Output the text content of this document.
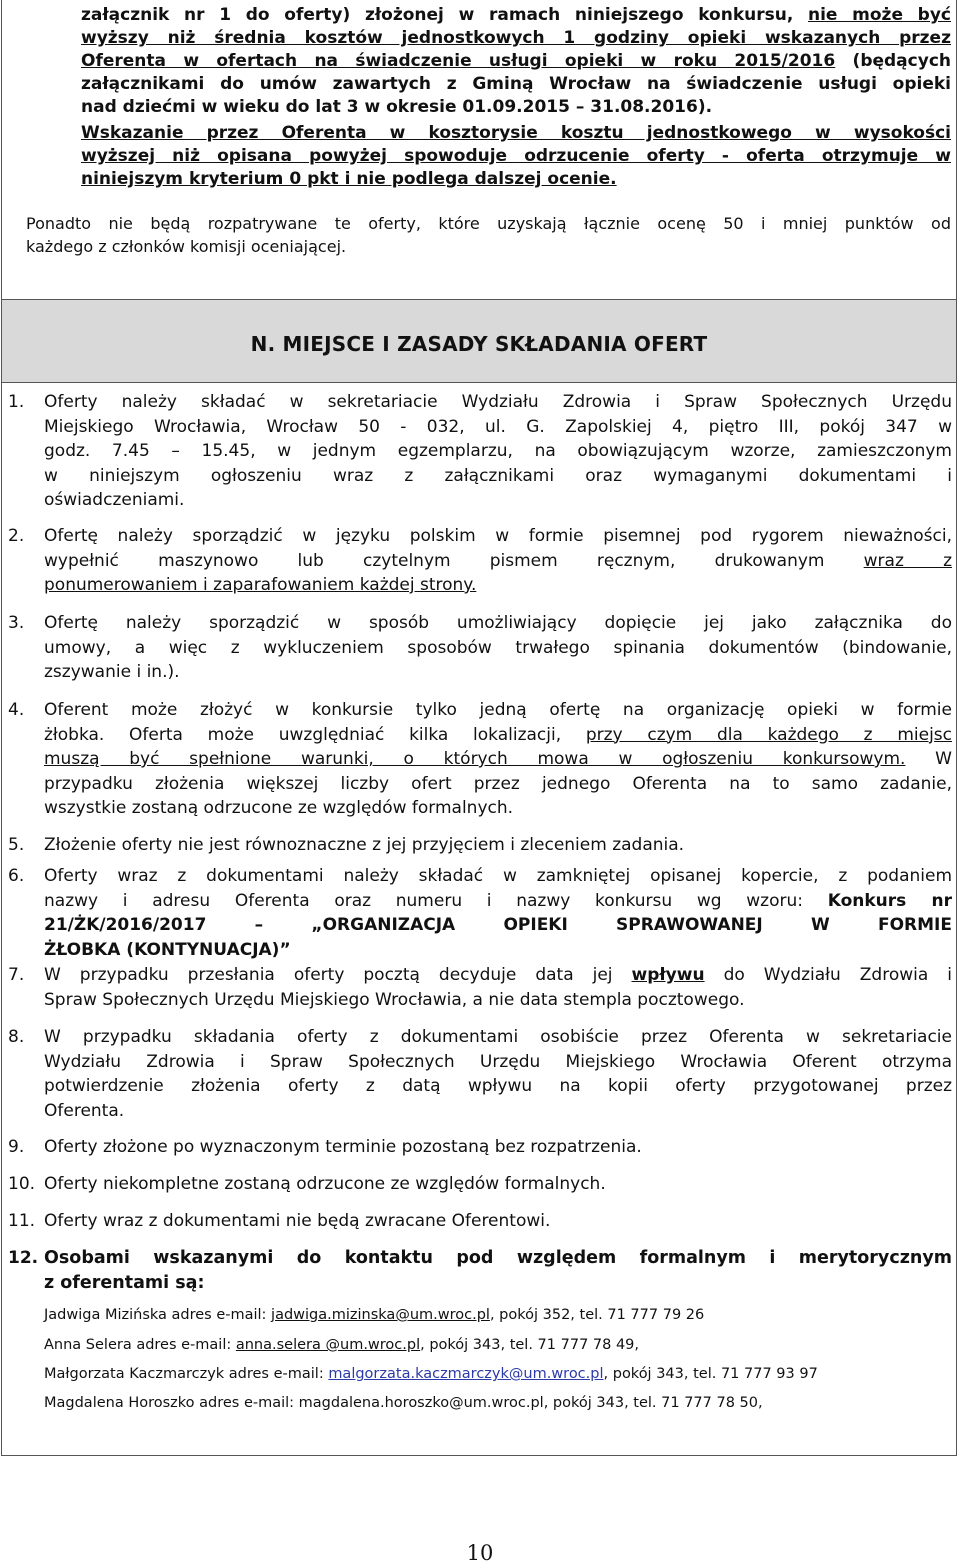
załącznik nr 1 do oferty) złożonej w ramach niniejszego konkursu, nie może być
wyższy niż średnia kosztów jednostkowych 1 godziny opieki wskazanych przez
Oferenta w ofertach na świadczenie usługi opieki w roku 2015/2016 (będących
załącznikami do umów zawartych z Gminą Wrocław na świadczenie usługi opieki
nad dziećmi w wieku do lat 3 w okresie 01.09.2015 – 31.08.2016).
Wskazanie przez Oferenta w kosztorysie kosztu jednostkowego w wysokości
wyższej niż opisana powyżej spowoduje odrzucenie oferty - oferta otrzymuje w
niniejszym kryterium 0 pkt i nie podlega dalszej ocenie.
Ponadto nie będą rozpatrywane te oferty, które uzyskają łącznie ocenę 50 i mniej punktów od
każdego z członków komisji oceniającej.
N. MIEJSCE I ZASADY SKŁADANIA OFERT
1. Oferty należy składać w sekretariacie Wydziału Zdrowia i Spraw Społecznych Urzędu
Miejskiego Wrocławia, Wrocław 50 - 032, ul. G. Zapolskiej 4, piętro III, pokój 347 w
godz. 7.45 – 15.45, w jednym egzemplarzu, na obowiązującym wzorze, zamieszczonym
w niniejszym ogłoszeniu wraz z załącznikami oraz wymaganymi dokumentami i
oświadczeniami.
2. Ofertę należy sporządzić w języku polskim w formie pisemnej pod rygorem nieważności,
wypełnić maszynowo lub czytelnym pismem ręcznym, drukowanym wraz z
ponumerowaniem i zaparafowaniem każdej strony.
3. Ofertę należy sporządzić w sposób umożliwiający dopięcie jej jako załącznika do
umowy, a więc z wykluczeniem sposobów trwałego spinania dokumentów (bindowanie,
zszywanie i in.).
4. Oferent może złożyć w konkursie tylko jedną ofertę na organizację opieki w formie
żłobka. Oferta może uwzględniać kilka lokalizacji, przy czym dla każdego z miejsc
muszą być spełnione warunki, o których mowa w ogłoszeniu konkursowym. W
przypadku złożenia większej liczby ofert przez jednego Oferenta na to samo zadanie,
wszystkie zostaną odrzucone ze względów formalnych.
5. Złożenie oferty nie jest równoznaczne z jej przyjęciem i zleceniem zadania.
6. Oferty wraz z dokumentami należy składać w zamkniętej opisanej kopercie, z podaniem
nazwy i adresu Oferenta oraz numeru i nazwy konkursu wg wzoru: Konkurs nr
21/ŻK/2016/2017 – „ORGANIZACJA OPIEKI SPRAWOWANEJ W FORMIE
ŻŁOBKA (KONTYNUACJA)”
7. W przypadku przesłania oferty pocztą decyduje data jej wpływu do Wydziału Zdrowia i
Spraw Społecznych Urzędu Miejskiego Wrocławia, a nie data stempla pocztowego.
8. W przypadku składania oferty z dokumentami osobiście przez Oferenta w sekretariacie
Wydziału Zdrowia i Spraw Społecznych Urzędu Miejskiego Wrocławia Oferent otrzyma
potwierdzenie złożenia oferty z datą wpływu na kopii oferty przygotowanej przez
Oferenta.
9. Oferty złożone po wyznaczonym terminie pozostaną bez rozpatrzenia.
10. Oferty niekompletne zostaną odrzucone ze względów formalnych.
11. Oferty wraz z dokumentami nie będą zwracane Oferentowi.
12. Osobami wskazanymi do kontaktu pod względem formalnym i merytorycznym
z oferentami są:
Jadwiga Mizińska adres e-mail: jadwiga.mizinska@um.wroc.pl, pokój 352, tel. 71 777 79 26
Anna Selera adres e-mail: anna.selera @um.wroc.pl, pokój 343, tel. 71 777 78 49,
Małgorzata Kaczmarczyk adres e-mail: malgorzata.kaczmarczyk@um.wroc.pl, pokój 343, tel. 71 777 93 97
Magdalena Horoszko adres e-mail: magdalena.horoszko@um.wroc.pl, pokój 343, tel. 71 777 78 50,
10
